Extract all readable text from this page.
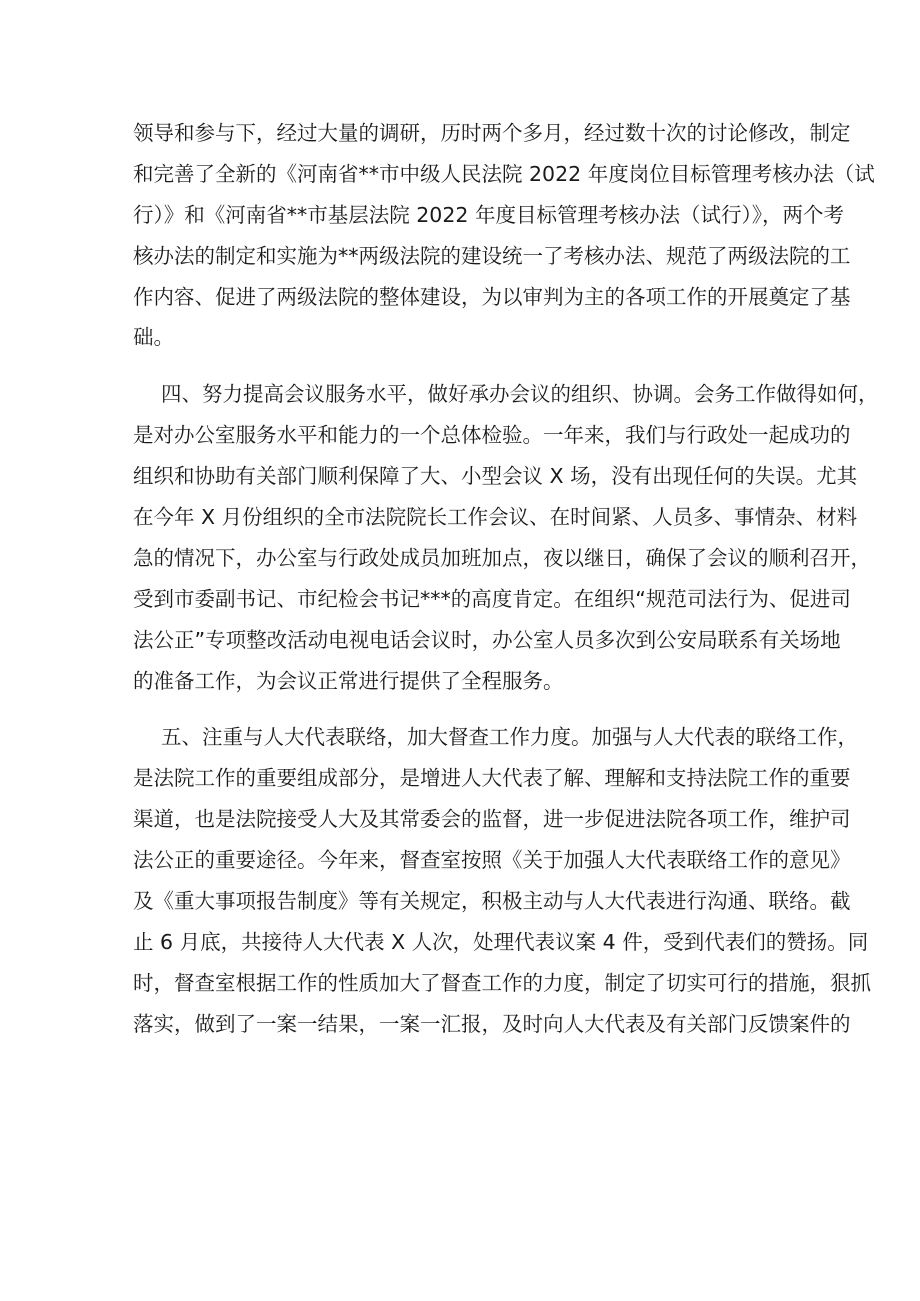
领导和参与下，经过大量的调研，历时两个多月，经过数十次的讨论修改，制定
和完善了全新的《河南省**市中级人民法院 2022 年度岗位目标管理考核办法（试
行）》和《河南省**市基层法院 2022 年度目标管理考核办法（试行）》，两个考
核办法的制定和实施为**两级法院的建设统一了考核办法、规范了两级法院的工
作内容、促进了两级法院的整体建设，为以审判为主的各项工作的开展奠定了基
础。
四、努力提高会议服务水平，做好承办会议的组织、协调。会务工作做得如何，
是对办公室服务水平和能力的一个总体检验。一年来，我们与行政处一起成功的
组织和协助有关部门顺利保障了大、小型会议 X 场，没有出现任何的失误。尤其
在今年 X 月份组织的全市法院院长工作会议、在时间紧、人员多、事情杂、材料
急的情况下，办公室与行政处成员加班加点，夜以继日，确保了会议的顺利召开，
受到市委副书记、市纪检会书记***的高度肯定。在组织“规范司法行为、促进司
法公正”专项整改活动电视电话会议时，办公室人员多次到公安局联系有关场地
的准备工作，为会议正常进行提供了全程服务。
五、注重与人大代表联络，加大督查工作力度。加强与人大代表的联络工作，
是法院工作的重要组成部分，是增进人大代表了解、理解和支持法院工作的重要
渠道，也是法院接受人大及其常委会的监督，进一步促进法院各项工作，维护司
法公正的重要途径。今年来，督查室按照《关于加强人大代表联络工作的意见》
及《重大事项报告制度》等有关规定，积极主动与人大代表进行沟通、联络。截
止 6 月底，共接待人大代表 X 人次，处理代表议案 4 件，受到代表们的赞扬。同
时，督查室根据工作的性质加大了督查工作的力度，制定了切实可行的措施，狠抓
落实，做到了一案一结果，一案一汇报，及时向人大代表及有关部门反馈案件的
